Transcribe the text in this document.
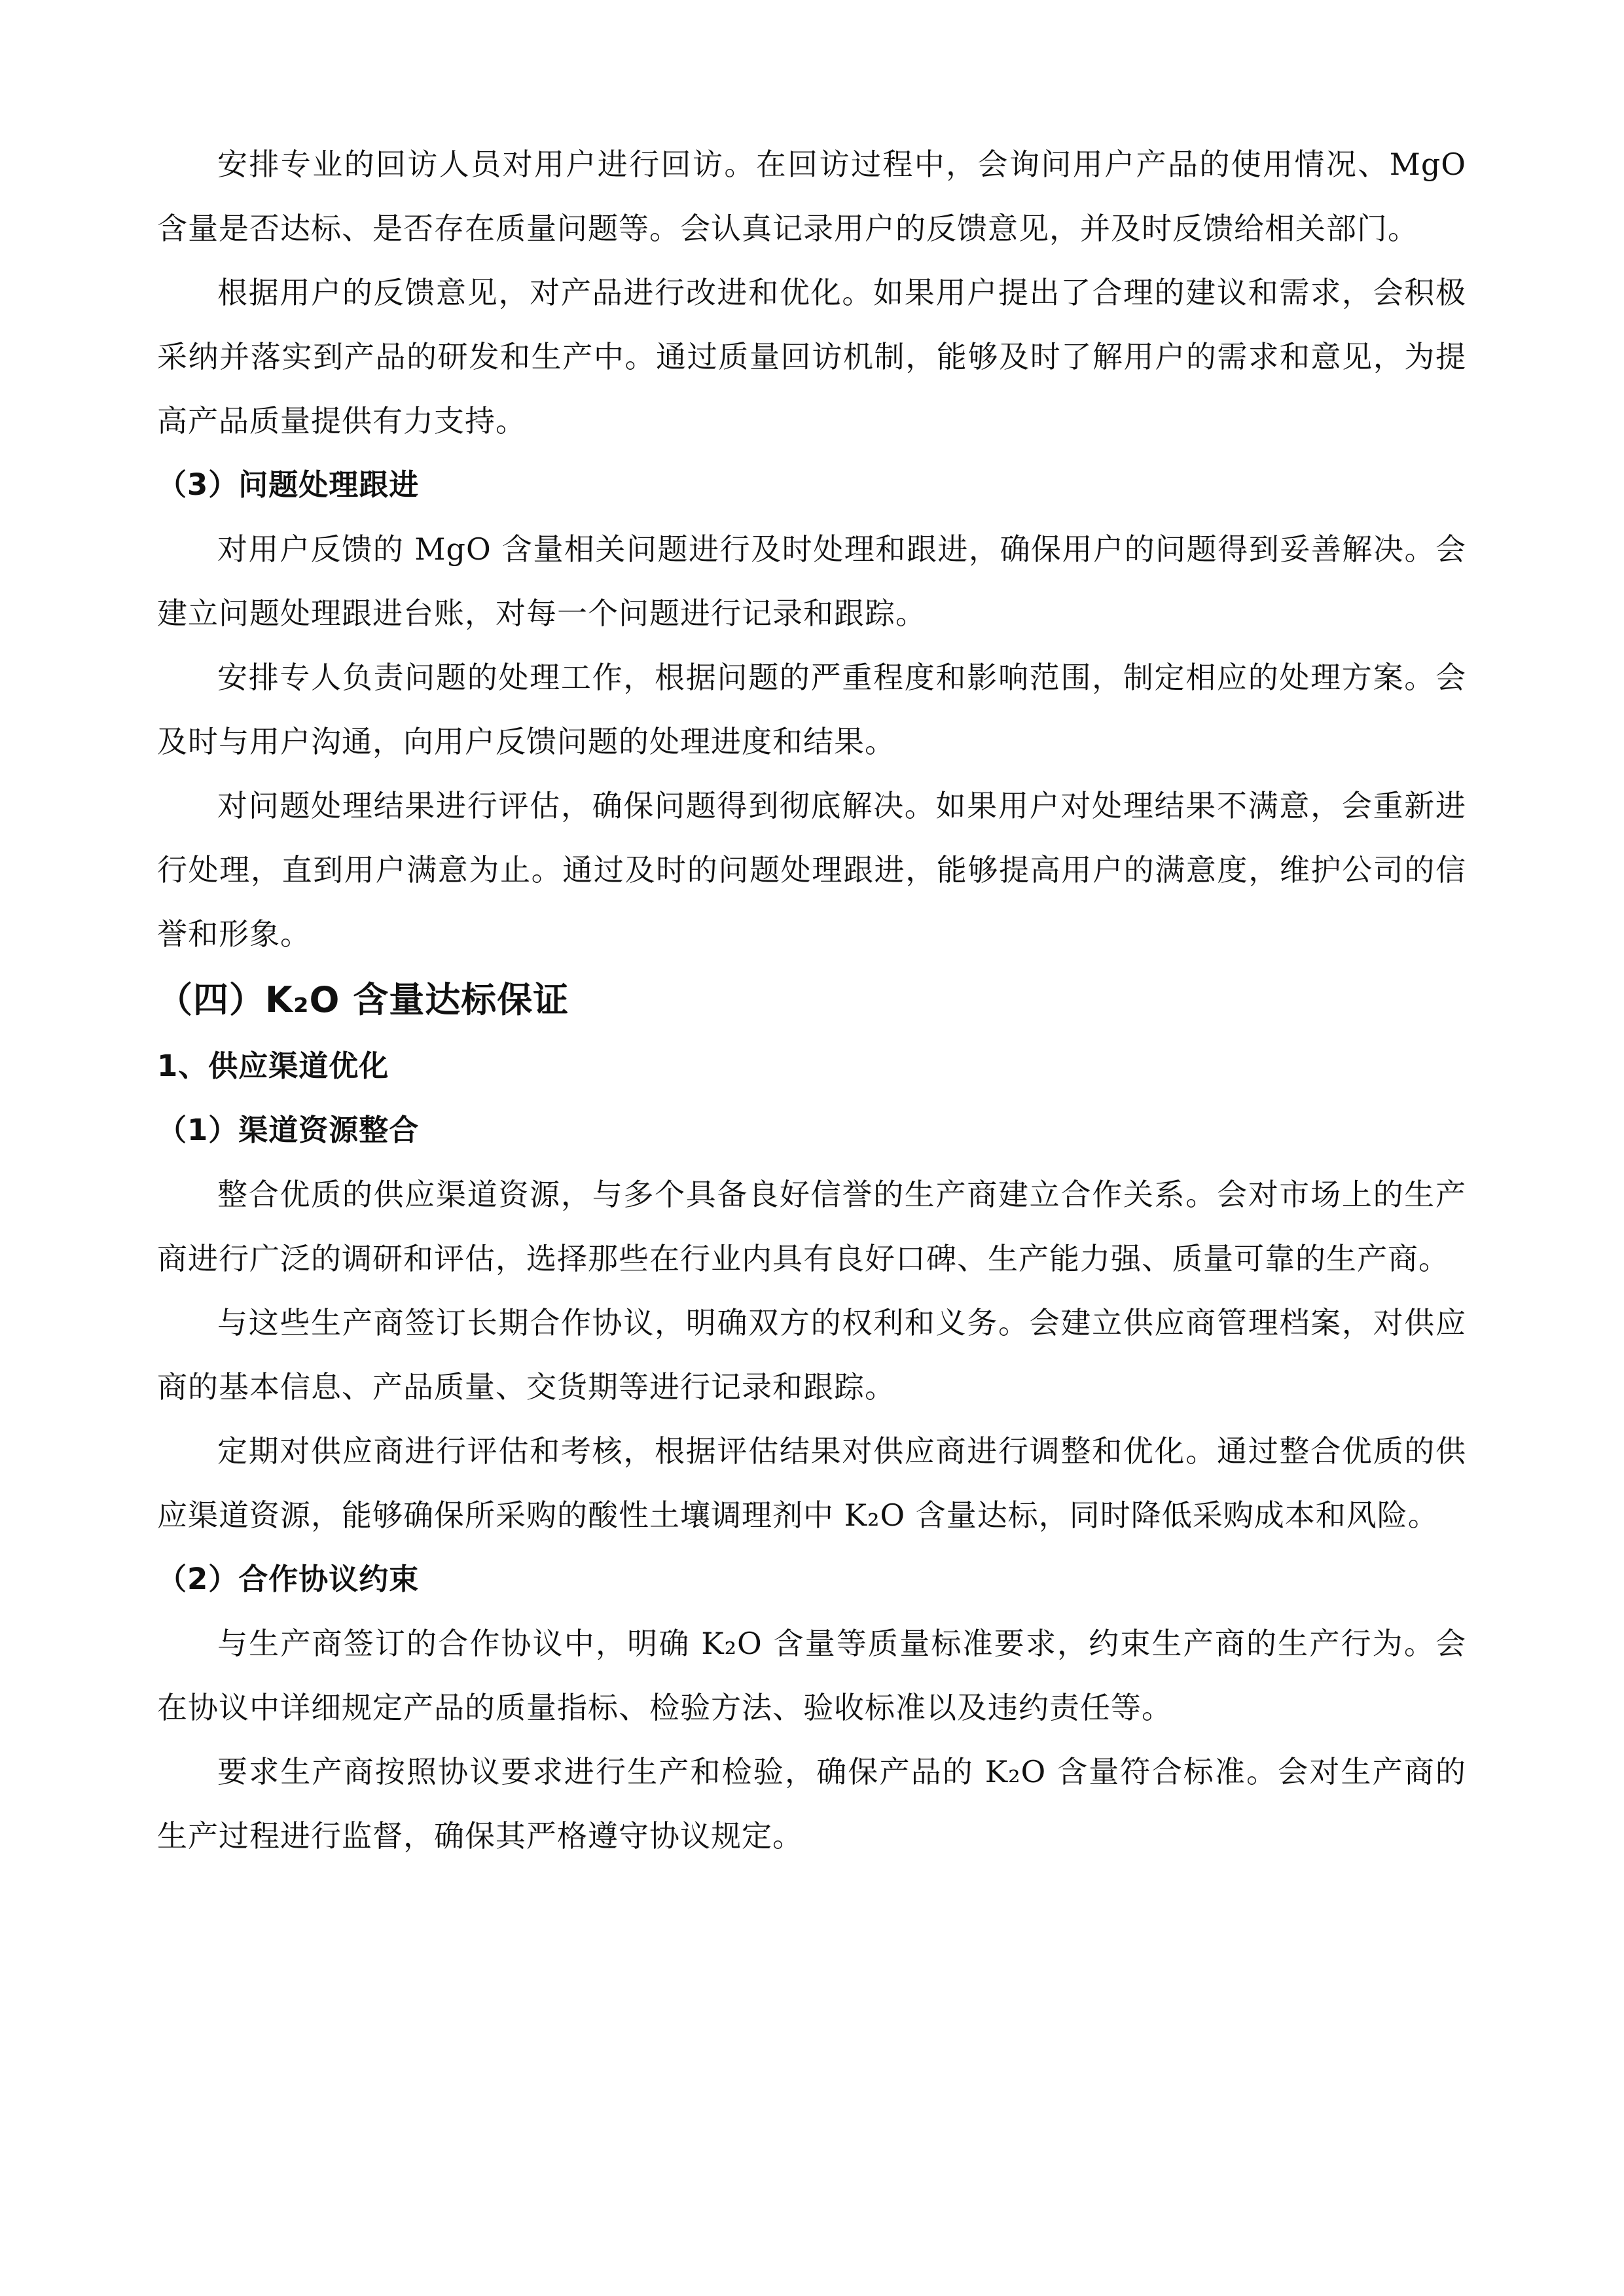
安排专业的回访人员对用户进行回访。在回访过程中，会询问用户产品的使用情况、MgO 含量是否达标、是否存在质量问题等。会认真记录用户的反馈意见，并及时反馈给相关部门。

根据用户的反馈意见，对产品进行改进和优化。如果用户提出了合理的建议和需求，会积极采纳并落实到产品的研发和生产中。通过质量回访机制，能够及时了解用户的需求和意见，为提高产品质量提供有力支持。

（3）问题处理跟进

对用户反馈的 MgO 含量相关问题进行及时处理和跟进，确保用户的问题得到妥善解决。会建立问题处理跟进台账，对每一个问题进行记录和跟踪。

安排专人负责问题的处理工作，根据问题的严重程度和影响范围，制定相应的处理方案。会及时与用户沟通，向用户反馈问题的处理进度和结果。

对问题处理结果进行评估，确保问题得到彻底解决。如果用户对处理结果不满意，会重新进行处理，直到用户满意为止。通过及时的问题处理跟进，能够提高用户的满意度，维护公司的信誉和形象。

（四）K₂O 含量达标保证

1、供应渠道优化

（1）渠道资源整合

整合优质的供应渠道资源，与多个具备良好信誉的生产商建立合作关系。会对市场上的生产商进行广泛的调研和评估，选择那些在行业内具有良好口碑、生产能力强、质量可靠的生产商。

与这些生产商签订长期合作协议，明确双方的权利和义务。会建立供应商管理档案，对供应商的基本信息、产品质量、交货期等进行记录和跟踪。

定期对供应商进行评估和考核，根据评估结果对供应商进行调整和优化。通过整合优质的供应渠道资源，能够确保所采购的酸性土壤调理剂中 K₂O 含量达标，同时降低采购成本和风险。

（2）合作协议约束

与生产商签订的合作协议中，明确 K₂O 含量等质量标准要求，约束生产商的生产行为。会在协议中详细规定产品的质量指标、检验方法、验收标准以及违约责任等。

要求生产商按照协议要求进行生产和检验，确保产品的 K₂O 含量符合标准。会对生产商的生产过程进行监督，确保其严格遵守协议规定。
